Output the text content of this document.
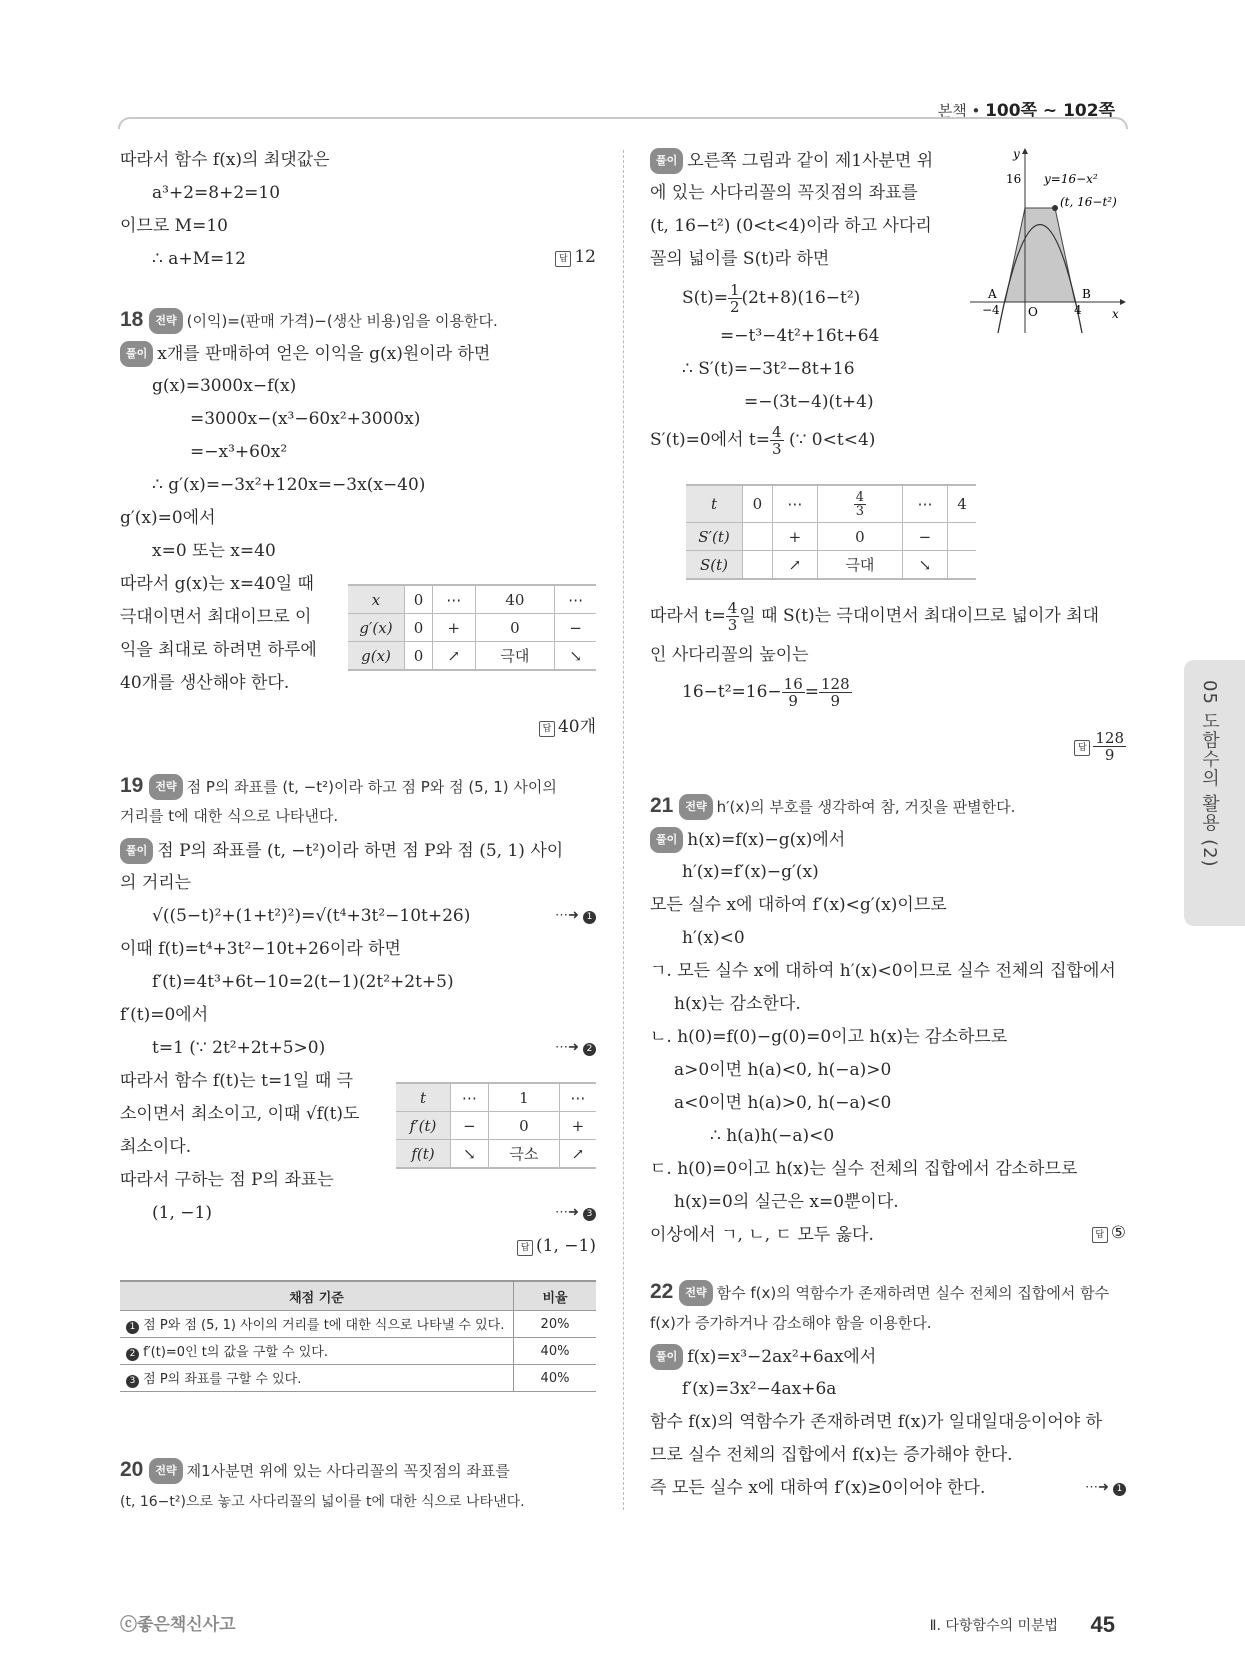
본책 • 100쪽 ~ 102쪽
05 도함수의 활용 (2)
따라서 함수 f(x)의 최댓값은
a³+2=8+2=10
이므로 M=10
∴ a+M=12	답 12
18 전략 (이익)=(판매 가격)−(생산 비용)임을 이용한다.
풀이 x개를 판매하여 얻은 이익을 g(x)원이라 하면
g(x)=3000x−f(x)
=3000x−(x³−60x²+3000x)
=−x³+60x²
∴ g′(x)=−3x²+120x=−3x(x−40)
g′(x)=0에서
x=0 또는 x=40
따라서 g(x)는 x=40일 때
극대이면서 최대이므로 이
익을 최대로 하려면 하루에
40개를 생산해야 한다.
x	0	⋯	40	⋯
g′(x)	0	+	0	−
g(x)	0	↗	극대	↘
답 40개
19 전략 점 P의 좌표를 (t, −t²)이라 하고 점 P와 점 (5, 1) 사이의
거리를 t에 대한 식으로 나타낸다.
풀이 점 P의 좌표를 (t, −t²)이라 하면 점 P와 점 (5, 1) 사이
의 거리는
√((5−t)²+(1+t²)²)=√(t⁴+3t²−10t+26)	⋯➜ 1
이때 f(t)=t⁴+3t²−10t+26이라 하면
f′(t)=4t³+6t−10=2(t−1)(2t²+2t+5)
f′(t)=0에서
t=1 (∵ 2t²+2t+5>0)	⋯➜ 2
따라서 함수 f(t)는 t=1일 때 극
소이면서 최소이고, 이때 √f(t)도
최소이다.
따라서 구하는 점 P의 좌표는
(1, −1)	⋯➜ 3
t	⋯	1	⋯
f′(t)	−	0	+
f(t)	↘	극소	↗
답 (1, −1)
채점 기준	비율
1 점 P와 점 (5, 1) 사이의 거리를 t에 대한 식으로 나타낼 수 있다.	20%
2 f′(t)=0인 t의 값을 구할 수 있다.	40%
3 점 P의 좌표를 구할 수 있다.	40%
20 전략 제1사분면 위에 있는 사다리꼴의 꼭짓점의 좌표를
(t, 16−t²)으로 놓고 사다리꼴의 넓이를 t에 대한 식으로 나타낸다.
풀이 오른쪽 그림과 같이 제1사분면 위
에 있는 사다리꼴의 꼭짓점의 좌표를
(t, 16−t²) (0<t<4)이라 하고 사다리
꼴의 넓이를 S(t)라 하면
y
x
16 y=16−x²
(t, 16−t²)
O
A	B
−4	4
$S(t)= \frac{1}{2} (2t+8)(16-t^2)$
=−t³−4t²+16t+64
∴ S′(t)=−3t²−8t+16
=−(3t−4)(t+4)
S′(t)=0에서 $t= \frac{4}{3}$ (∵ 0<t<4)
t	0	⋯	$\frac{4}{3}$	⋯	4
S′(t)		+	0	−	
S(t)		↗	극대	↘	
따라서 $t= \frac{4}{3}$ 일 때 S(t)는 극대이면서 최대이므로 넓이가 최대
인 사다리꼴의 높이는
$16-t^2=16- \frac{16}{9} = \frac{128}{9}$
답 $\frac{128}{9}$
21 전략 h′(x)의 부호를 생각하여 참, 거짓을 판별한다.
풀이 h(x)=f(x)−g(x)에서
h′(x)=f′(x)−g′(x)
모든 실수 x에 대하여 f′(x)<g′(x)이므로
h′(x)<0
ㄱ. 모든 실수 x에 대하여 h′(x)<0이므로 실수 전체의 집합에서
h(x)는 감소한다.
ㄴ. h(0)=f(0)−g(0)=0이고 h(x)는 감소하므로
a>0이면 h(a)<0, h(−a)>0
a<0이면 h(a)>0, h(−a)<0
∴ h(a)h(−a)<0
ㄷ. h(0)=0이고 h(x)는 실수 전체의 집합에서 감소하므로
h(x)=0의 실근은 x=0뿐이다.
이상에서 ㄱ, ㄴ, ㄷ 모두 옳다.	답 ⑤
22 전략 함수 f(x)의 역함수가 존재하려면 실수 전체의 집합에서 함수
f(x)가 증가하거나 감소해야 함을 이용한다.
풀이 f(x)=x³−2ax²+6ax에서
f′(x)=3x²−4ax+6a
함수 f(x)의 역함수가 존재하려면 f(x)가 일대일대응이어야 하
므로 실수 전체의 집합에서 f(x)는 증가해야 한다.
즉 모든 실수 x에 대하여 f′(x)≥0이어야 한다.	⋯➜ 1
ⓒ좋은책신사고	Ⅱ. 다항함수의 미분법 45
